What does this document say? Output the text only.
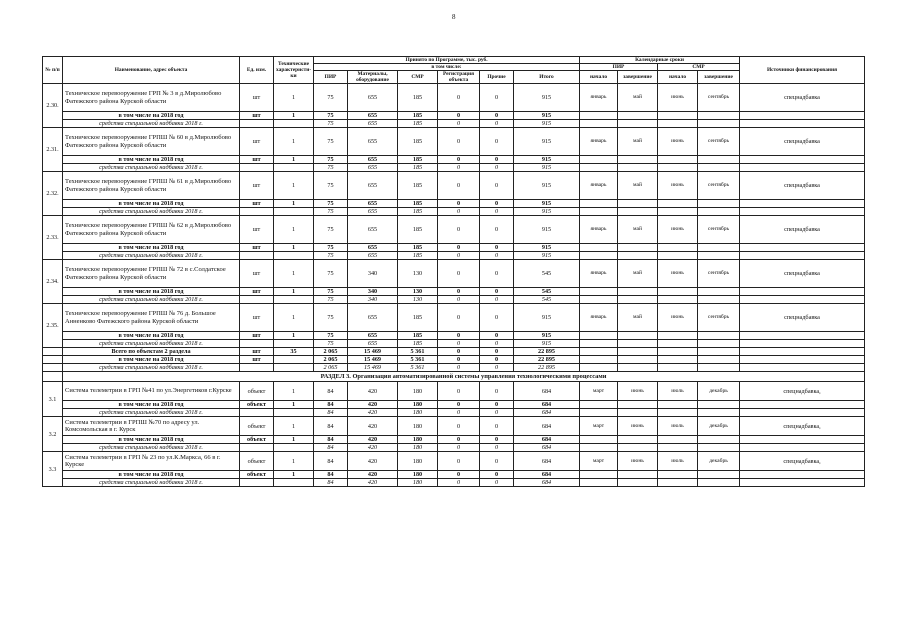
8
№ п/п	Наименование, адрес объекта	Ед. изм.	Технические характеристи-ки	Принято по Программе, тыс. руб.						Календарные сроки				Источники финансирования
				в том числе:						ПИР		СМР		
				ПИР	Материалы, оборудование	СМР	Регистрация объекта	Прочие	Итого	начало	завершение	начало	завершение	

2.30.	Техническое перевооружение ГРП № 3 в д.Миролюбово Фатежского района Курской области	шт	1	75	655	185	0	0	915	январь	май	июнь	сентябрь	спецнадбавка
	в том числе на 2018 год	шт	1	75	655	185	0	0	915					
	средства специальной надбавки 2018 г.			75	655	185	0	0	915					
2.31.	Техническое перевооружение ГРПШ № 60 в д.Миролюбово Фатежского района Курской области	шт	1	75	655	185	0	0	915	январь	май	июнь	сентябрь	спецнадбавка
	в том числе на 2018 год	шт	1	75	655	185	0	0	915					
	средства специальной надбавки 2018 г.			75	655	185	0	0	915					
2.32.	Техническое перевооружение ГРПШ № 61 в д.Миролюбово Фатежского района Курской области	шт	1	75	655	185	0	0	915	январь	май	июнь	сентябрь	спецнадбавка
	в том числе на 2018 год	шт	1	75	655	185	0	0	915					
	средства специальной надбавки 2018 г.			75	655	185	0	0	915					
2.33.	Техническое перевооружение ГРПШ № 62 в д.Миролюбово Фатежского района Курской области	шт	1	75	655	185	0	0	915	январь	май	июнь	сентябрь	спецнадбавка
	в том числе на 2018 год	шт	1	75	655	185	0	0	915					
	средства специальной надбавки 2018 г.			75	655	185	0	0	915					
2.34.	Техническое перевооружение ГРПШ № 72 в с.Солдатское Фатежского района Курской области	шт	1	75	340	130	0	0	545	январь	май	июнь	сентябрь	спецнадбавка
	в том числе на 2018 год	шт	1	75	340	130	0	0	545					
	средства специальной надбавки 2018 г.			75	340	130	0	0	545					
2.35.	Техническое перевооружение ГРПШ № 76 д. Большое Анненково Фатежского района Курской области	шт	1	75	655	185	0	0	915	январь	май	июнь	сентябрь	спецнадбавка
	в том числе на 2018 год	шт	1	75	655	185	0	0	915					
	средства специальной надбавки 2018 г.			75	655	185	0	0	915					
	Всего по объектам 2 раздела	шт	35	2 065	15 469	5 361	0	0	22 895					
	в том числе на 2018 год	шт		2 065	15 469	5 361	0	0	22 895					
	средства специальной надбавки 2018 г.			2 065	15 469	5 361	0	0	22 895					
	РАЗДЕЛ 3. Организация автоматизированной системы управления технологическими процессами													
3.1	Система телеметрии в ГРП №41 по ул.Энергетиков г.Курске	объект	1	84	420	180	0	0	684	март	июнь	июль	декабрь	спецнадбавка,
	в том числе на 2018 год	объект	1	84	420	180	0	0	684					
	средства специальной надбавки 2018 г.			84	420	180	0	0	684					
3.2	Система телеметрии в ГРПШ №70 по адресу ул. Комсомольская в г. Курск	объект	1	84	420	180	0	0	684	март	июнь	июль	декабрь	спецнадбавка,
	в том числе на 2018 год	объект	1	84	420	180	0	0	684					
	средства специальной надбавки 2018 г.			84	420	180	0	0	684					
3.3	Система телеметрии в ГРП № 23 по ул.К.Маркса, 66 в г. Курске	объект	1	84	420	180	0	0	684	март	июнь	июль	декабрь	спецнадбавка,
	в том числе на 2018 год	объект	1	84	420	180	0	0	684					
	средства специальной надбавки 2018 г.			84	420	180	0	0	684					
